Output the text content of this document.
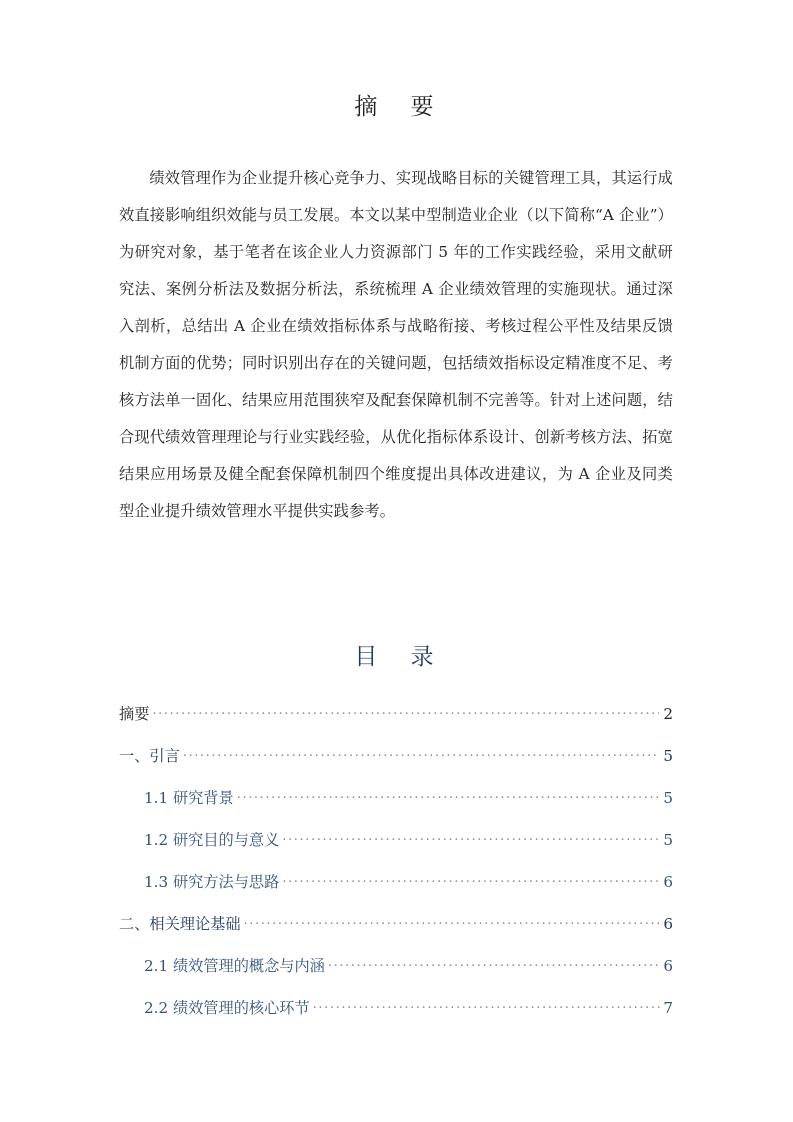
摘　要
绩效管理作为企业提升核心竞争力、实现战略目标的关键管理工具，其运行成效直接影响组织效能与员工发展。本文以某中型制造业企业（以下简称“A 企业”）为研究对象，基于笔者在该企业人力资源部门 5 年的工作实践经验，采用文献研究法、案例分析法及数据分析法，系统梳理 A 企业绩效管理的实施现状。通过深入剖析，总结出 A 企业在绩效指标体系与战略衔接、考核过程公平性及结果反馈机制方面的优势；同时识别出存在的关键问题，包括绩效指标设定精准度不足、考核方法单一固化、结果应用范围狭窄及配套保障机制不完善等。针对上述问题，结合现代绩效管理理论与行业实践经验，从优化指标体系设计、创新考核方法、拓宽结果应用场景及健全配套保障机制四个维度提出具体改进建议，为 A 企业及同类型企业提升绩效管理水平提供实践参考。
目　录
摘要 .....	2
一、引言 .....	5
1.1 研究背景 .....	5
1.2 研究目的与意义 .....	5
1.3 研究方法与思路 .....	6
二、相关理论基础 .....	6
2.1 绩效管理的概念与内涵 .....	6
2.2 绩效管理的核心环节 .....	7
